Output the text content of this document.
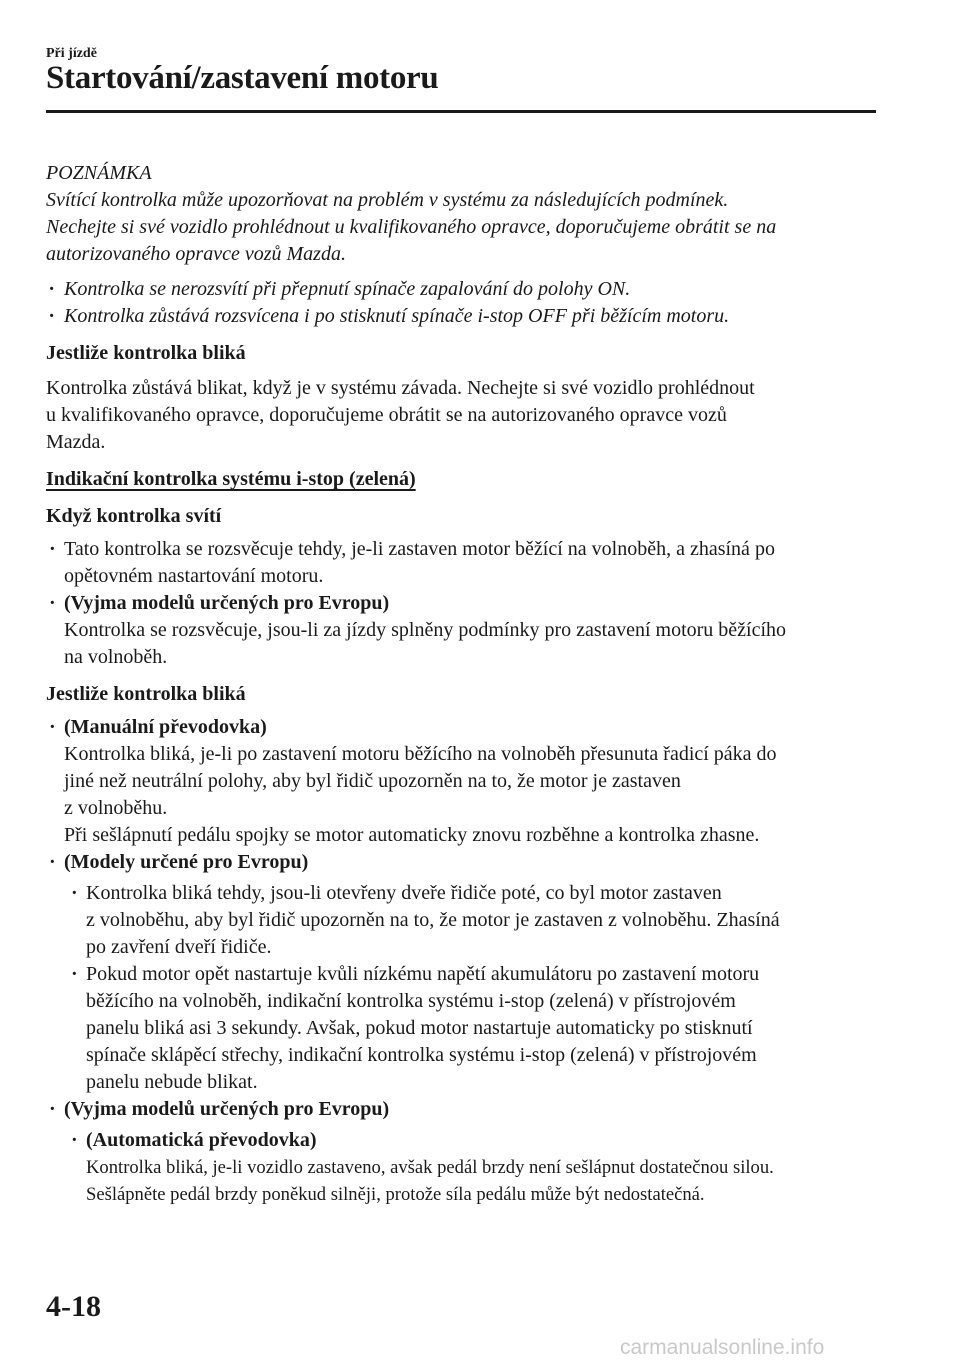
Při jízdě
Startování/zastavení motoru
POZNÁMKA
Svítící kontrolka může upozorňovat na problém v systému za následujících podmínek.
Nechejte si své vozidlo prohlédnout u kvalifikovaného opravce, doporučujeme obrátit se na
autorizovaného opravce vozů Mazda.
· Kontrolka se nerozsvítí při přepnutí spínače zapalování do polohy ON.
· Kontrolka zůstává rozsvícena i po stisknutí spínače i-stop OFF při běžícím motoru.
Jestliže kontrolka bliká
Kontrolka zůstává blikat, když je v systému závada. Nechejte si své vozidlo prohlédnout
u kvalifikovaného opravce, doporučujeme obrátit se na autorizovaného opravce vozů
Mazda.
Indikační kontrolka systému i-stop (zelená)
Když kontrolka svítí
· Tato kontrolka se rozsvěcuje tehdy, je-li zastaven motor běžící na volnoběh, a zhasíná po
opětovném nastartování motoru.
· (Vyjma modelů určených pro Evropu)
Kontrolka se rozsvěcuje, jsou-li za jízdy splněny podmínky pro zastavení motoru běžícího
na volnoběh.
Jestliže kontrolka bliká
· (Manuální převodovka)
Kontrolka bliká, je-li po zastavení motoru běžícího na volnoběh přesunuta řadicí páka do
jiné než neutrální polohy, aby byl řidič upozorněn na to, že motor je zastaven
z volnoběhu.
Při sešlápnutí pedálu spojky se motor automaticky znovu rozběhne a kontrolka zhasne.
· (Modely určené pro Evropu)
· Kontrolka bliká tehdy, jsou-li otevřeny dveře řidiče poté, co byl motor zastaven
z volnoběhu, aby byl řidič upozorněn na to, že motor je zastaven z volnoběhu. Zhasíná
po zavření dveří řidiče.
· Pokud motor opět nastartuje kvůli nízkému napětí akumulátoru po zastavení motoru
běžícího na volnoběh, indikační kontrolka systému i-stop (zelená) v přístrojovém
panelu bliká asi 3 sekundy. Avšak, pokud motor nastartuje automaticky po stisknutí
spínače sklápěcí střechy, indikační kontrolka systému i-stop (zelená) v přístrojovém
panelu nebude blikat.
· (Vyjma modelů určených pro Evropu)
· (Automatická převodovka)
Kontrolka bliká, je-li vozidlo zastaveno, avšak pedál brzdy není sešlápnut dostatečnou silou.
Sešlápněte pedál brzdy poněkud silněji, protože síla pedálu může být nedostatečná.
4-18
carmanualsonline.info
